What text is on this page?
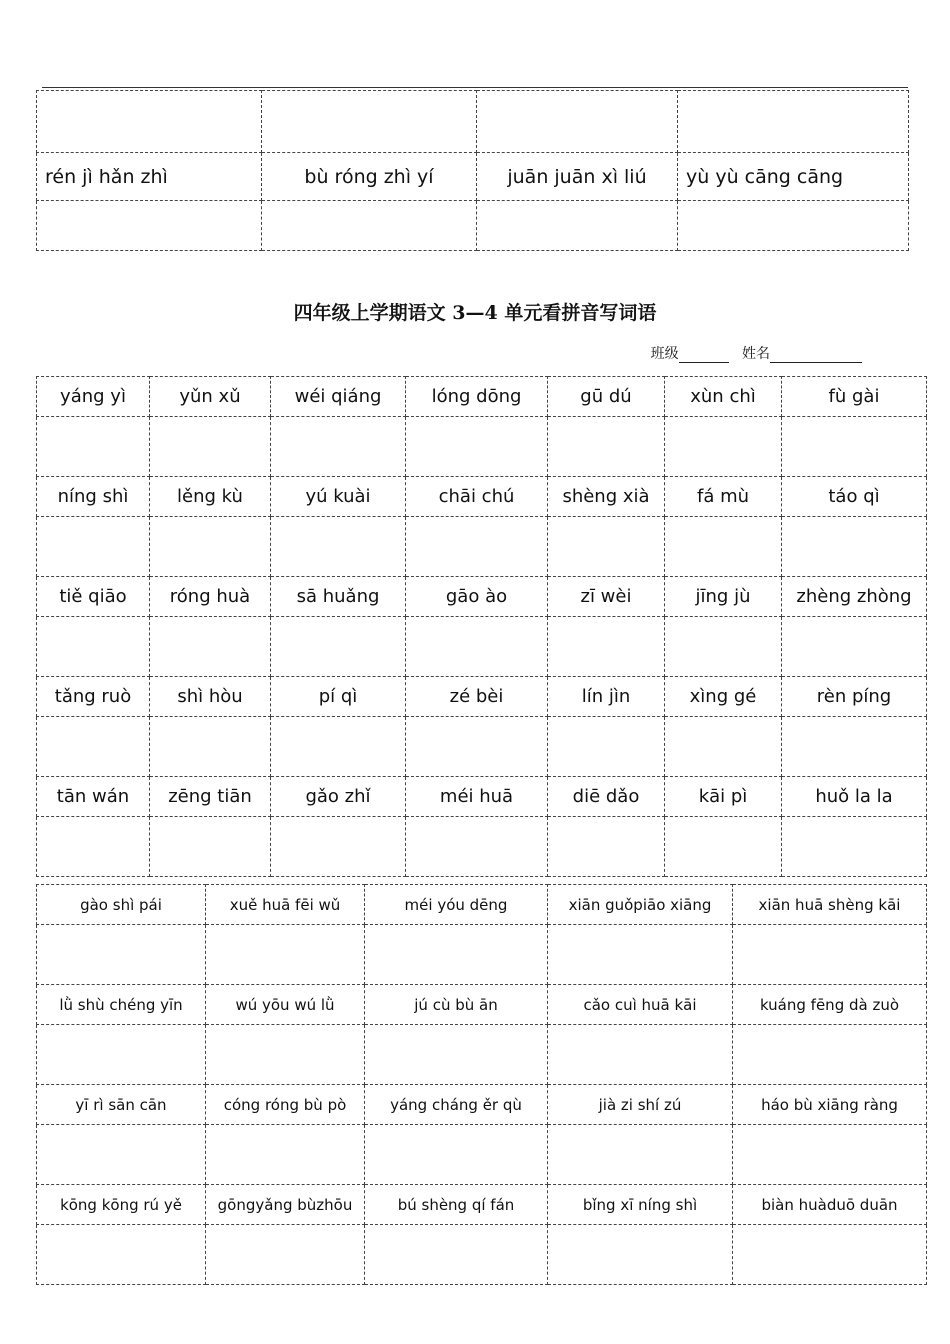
rén jì hǎn zhì	bù róng zhì yí	juān juān xì liú	yù yù cāng cāng

四年级上学期语文 3—4 单元看拼音写词语
班级	姓名
yáng yì	yǔn xǔ	wéi qiáng	lóng dōng	gū dú	xùn chì	fù gài

níng shì	lěng kù	yú kuài	chāi chú	shèng xià	fá mù	táo qì

tiě qiāo	róng huà	sā huǎng	gāo ào	zī wèi	jīng jù	zhèng zhòng

tǎng ruò	shì hòu	pí qì	zé bèi	lín jìn	xìng gé	rèn píng

tān wán	zēng tiān	gǎo zhǐ	méi huā	diē dǎo	kāi pì	huǒ la la

gào shì pái	xuě huā fēi wǔ	méi yóu dēng	xiān guǒpiāo xiāng	xiān huā shèng kāi

lǜ shù chéng yīn	wú yōu wú lǜ	jú cù bù ān	cǎo cuì huā kāi	kuáng fēng dà zuò

yī rì sān cān	cóng róng bù pò	yáng cháng ěr qù	jià zi shí zú	háo bù xiāng ràng

kōng kōng rú yě	gōngyǎng bùzhōu	bú shèng qí fán	bǐng xī níng shì	biàn huàduō duān
